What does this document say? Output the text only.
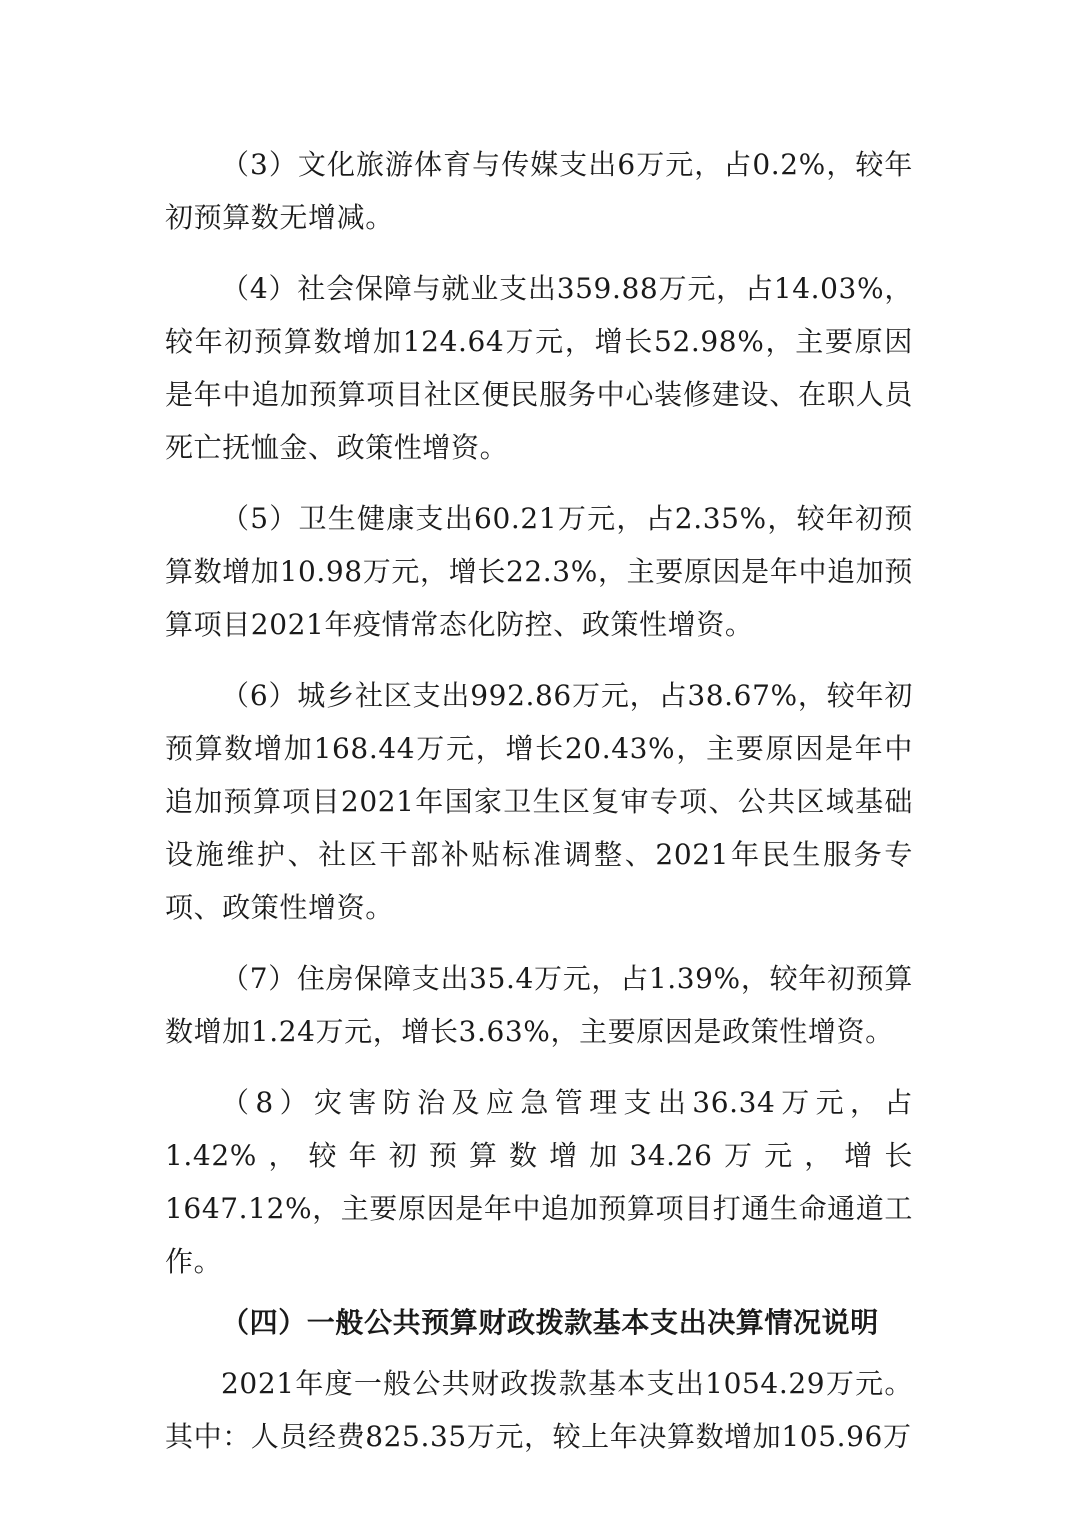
（3）文化旅游体育与传媒支出6万元，占0.2%，较年初预算数无增减。

（4）社会保障与就业支出359.88万元，占14.03%，较年初预算数增加124.64万元，增长52.98%，主要原因是年中追加预算项目社区便民服务中心装修建设、在职人员死亡抚恤金、政策性增资。

（5）卫生健康支出60.21万元，占2.35%，较年初预算数增加10.98万元，增长22.3%，主要原因是年中追加预算项目2021年疫情常态化防控、政策性增资。

（6）城乡社区支出992.86万元，占38.67%，较年初预算数增加168.44万元，增长20.43%，主要原因是年中追加预算项目2021年国家卫生区复审专项、公共区域基础设施维护、社区干部补贴标准调整、2021年民生服务专项、政策性增资。

（7）住房保障支出35.4万元，占1.39%，较年初预算数增加1.24万元，增长3.63%，主要原因是政策性增资。

（8）灾害防治及应急管理支出36.34万元，占1.42%，较年初预算数增加34.26万元，增长1647.12%，主要原因是年中追加预算项目打通生命通道工作。

（四）一般公共预算财政拨款基本支出决算情况说明

2021年度一般公共财政拨款基本支出1054.29万元。其中：人员经费825.35万元，较上年决算数增加105.96万
